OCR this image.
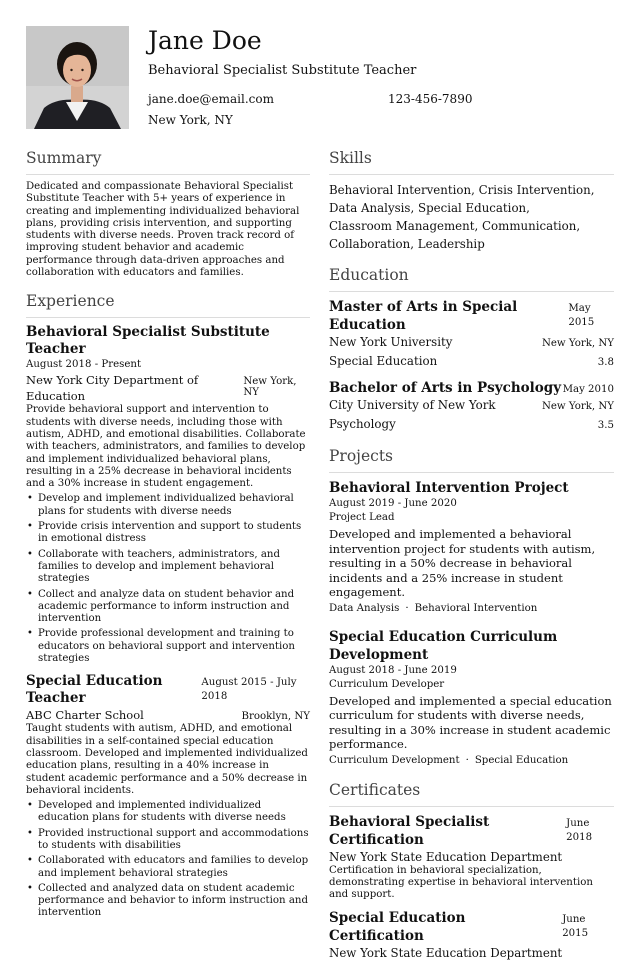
Jane Doe
Behavioral Specialist Substitute Teacher
jane.doe@email.com	123-456-7890
New York, NY
Summary

Dedicated and compassionate Behavioral Specialist Substitute Teacher with 5+ years of experience in creating and implementing individualized behavioral plans, providing crisis intervention, and supporting students with diverse needs. Proven track record of improving student behavior and academic performance through data-driven approaches and collaboration with educators and families.

Experience
Behavioral Specialist Substitute Teacher
August 2018 - Present
New York City Department of Education
New York, NY

Provide behavioral support and intervention to students with diverse needs, including those with autism, ADHD, and emotional disabilities. Collaborate with teachers, administrators, and families to develop and implement individualized behavioral plans, resulting in a 25% decrease in behavioral incidents and a 30% increase in student engagement.

• Develop and implement individualized behavioral plans for students with diverse needs
• Provide crisis intervention and support to students in emotional distress
• Collaborate with teachers, administrators, and families to develop and implement behavioral strategies
• Collect and analyze data on student behavior and academic performance to inform instruction and intervention
• Provide professional development and training to educators on behavioral support and intervention strategies
Special Education Teacher
August 2015 - July 2018
ABC Charter School	Brooklyn, NY

Taught students with autism, ADHD, and emotional disabilities in a self-contained special education classroom. Developed and implemented individualized education plans, resulting in a 40% increase in student academic performance and a 50% decrease in behavioral incidents.

• Developed and implemented individualized education plans for students with diverse needs
• Provided instructional support and accommodations to students with disabilities
• Collaborated with educators and families to develop and implement behavioral strategies
• Collected and analyzed data on student academic performance and behavior to inform instruction and intervention
Skills
Behavioral Intervention, Crisis Intervention,
Data Analysis, Special Education,
Classroom Management, Communication,
Collaboration, Leadership
Education
Master of Arts in Special Education
May 2015
New York University	New York, NY
Special Education	3.8
Bachelor of Arts in Psychology May 2010
City University of New York	New York, NY
Psychology	3.5
Projects
Behavioral Intervention Project
August 2019 - June 2020
Project Lead

Developed and implemented a behavioral intervention project for students with autism, resulting in a 50% decrease in behavioral incidents and a 25% increase in student engagement.

Data Analysis · Behavioral Intervention
Special Education Curriculum Development
August 2018 - June 2019
Curriculum Developer

Developed and implemented a special education curriculum for students with diverse needs, resulting in a 30% increase in student academic performance.

Curriculum Development · Special Education
Certificates
Behavioral Specialist Certification
June 2018
New York State Education Department

Certification in behavioral specialization, demonstrating expertise in behavioral intervention and support.

Special Education Certification
June 2015
New York State Education Department
